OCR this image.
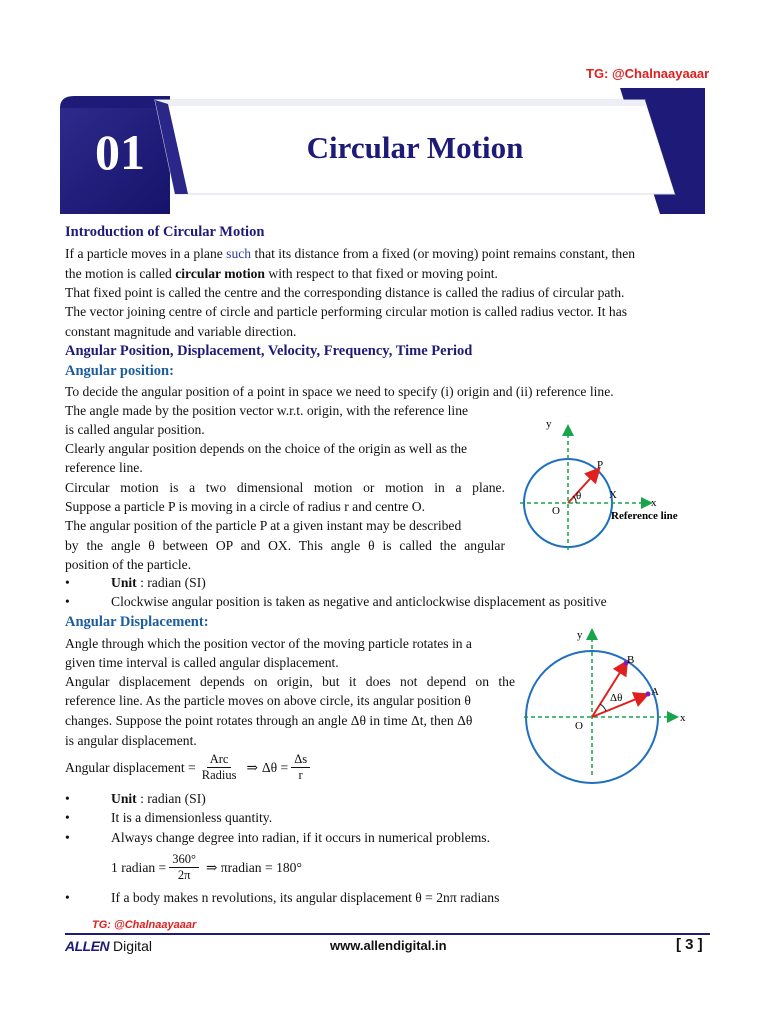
TG: @Chalnaayaaar
01	Circular Motion
Introduction of Circular Motion
If a particle moves in a plane such that its distance from a fixed (or moving) point remains constant, then
the motion is called circular motion with respect to that fixed or moving point.
That fixed point is called the centre and the corresponding distance is called the radius of circular path.
The vector joining centre of circle and particle performing circular motion is called radius vector. It has
constant magnitude and variable direction.
Angular Position, Displacement, Velocity, Frequency, Time Period
Angular position:
To decide the angular position of a point in space we need to specify (i) origin and (ii) reference line.
The angle made by the position vector w.r.t. origin, with the reference line
is called angular position.
Clearly angular position depends on the choice of the origin as well as the
reference line.
Circular motion is a two dimensional motion or motion in a plane.
Suppose a particle P is moving in a circle of radius r and centre O.
The angular position of the particle P at a given instant may be described
by the angle θ between OP and OX. This angle θ is called the angular
position of the particle.
•	Unit : radian (SI)
•	Clockwise angular position is taken as negative and anticlockwise displacement as positive
y
x
P
X
O
θ
Reference line
Angular Displacement:
Angle through which the position vector of the moving particle rotates in a
given time interval is called angular displacement.
Angular displacement depends on origin, but it does not depend on the
reference line. As the particle moves on above circle, its angular position θ
changes. Suppose the point rotates through an angle Δθ in time Δt, then Δθ
is angular displacement.
Angular displacement = $\frac{\text{Arc}}{\text{Radius}}$ ⇒ $\Delta\theta = \frac{\Delta s}{r}$
•	Unit : radian (SI)
•	It is a dimensionless quantity.
•	Always change degree into radian, if it occurs in numerical problems.
1 radian = $\frac{360^\circ}{2\pi}$ ⇒ πradian = 180°
•	If a body makes n revolutions, its angular displacement θ = 2nπ radians
y
x
B
A
O
Δθ
TG: @Chalnaayaaar
ALLEN Digital	www.allendigital.in	[ 3 ]
